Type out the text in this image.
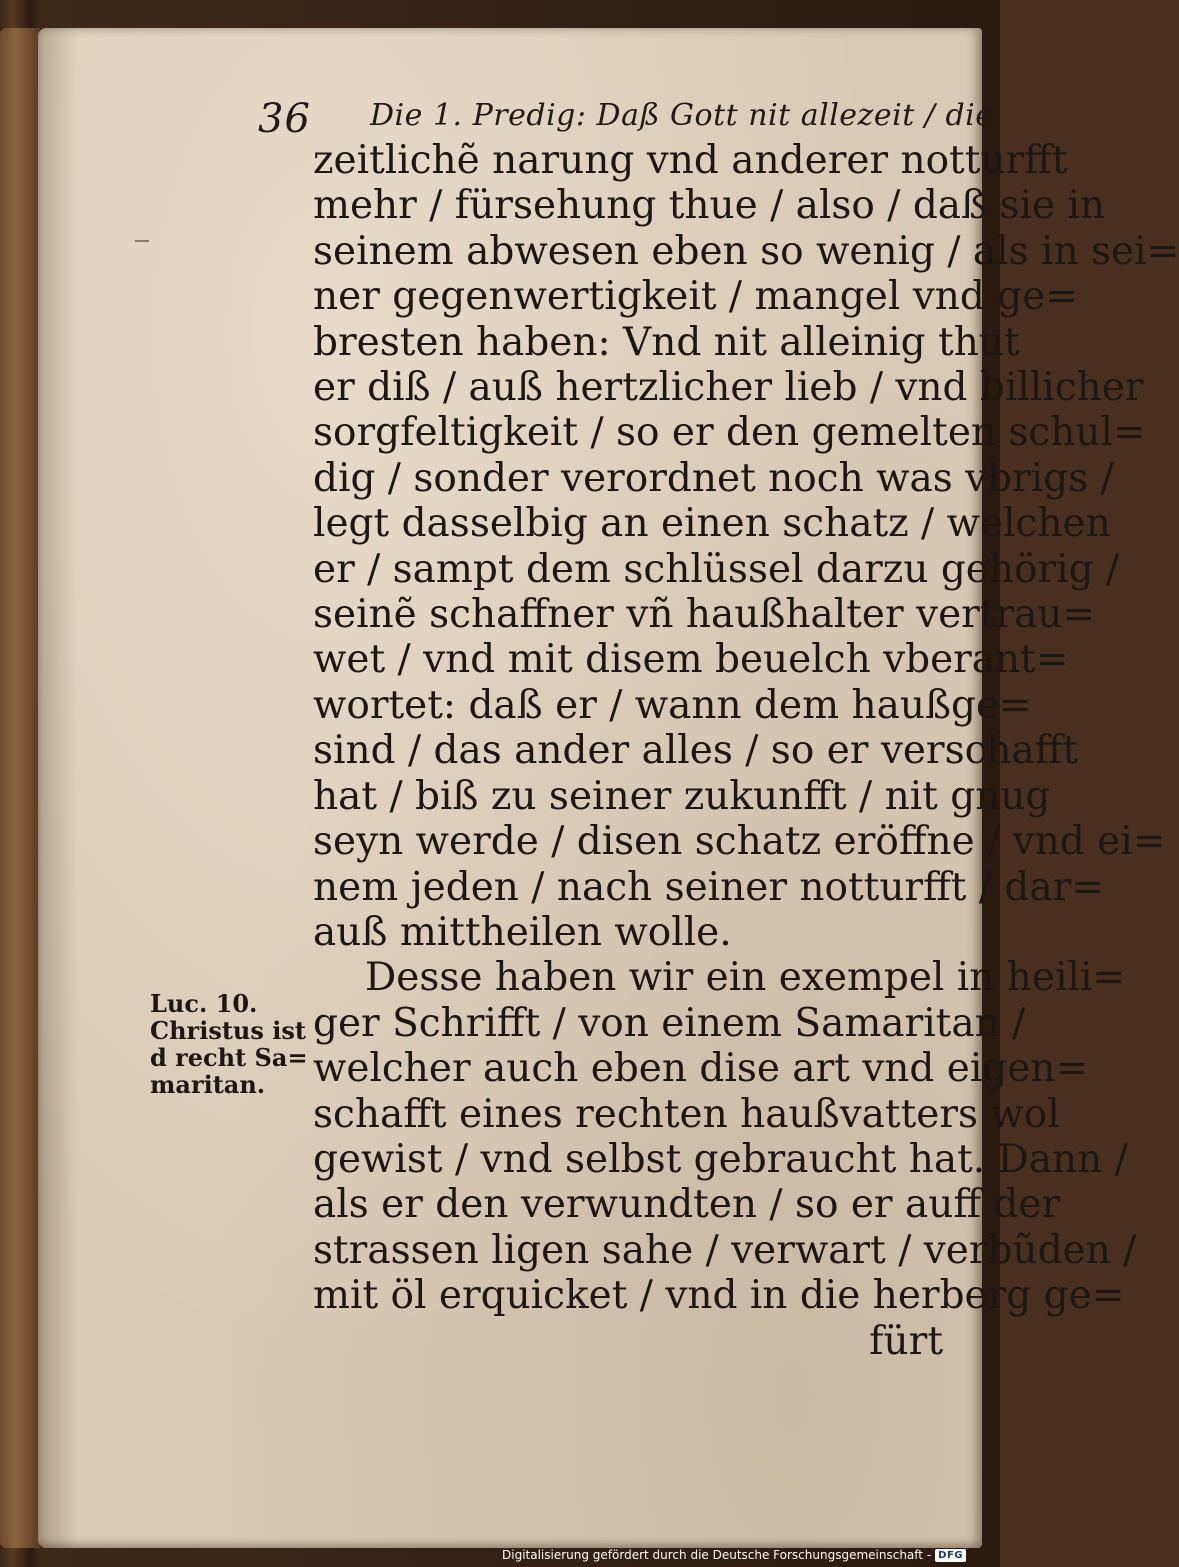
36 Die 1. Predig: Daß Gott nit allezeit / die
zeitlichẽ narung vnd anderer notturfft
mehr / fürsehung thue / also / daß sie in
seinem abwesen eben so wenig / als in sei=
ner gegenwertigkeit / mangel vnd ge=
bresten haben: Vnd nit alleinig thut
er diß / auß hertzlicher lieb / vnd billicher
sorgfeltigkeit / so er den gemelten schul=
dig / sonder verordnet noch was vbrigs /
legt dasselbig an einen schatz / welchen
er / sampt dem schlüssel darzu gehörig /
seinẽ schaffner vñ haußhalter vertrau=
wet / vnd mit disem beuelch vberant=
wortet: daß er / wann dem haußge=
sind / das ander alles / so er verschafft
hat / biß zu seiner zukunfft / nit gnug
seyn werde / disen schatz eröffne / vnd ei=
nem jeden / nach seiner notturfft / dar=
auß mittheilen wolle.
Desse haben wir ein exempel in heili=
ger Schrifft / von einem Samaritan /
welcher auch eben dise art vnd eigen=
schafft eines rechten haußvatters wol
gewist / vnd selbst gebraucht hat. Dann /
als er den verwundten / so er auff der
strassen ligen sahe / verwart / verbũden /
mit öl erquicket / vnd in die herberg ge=
fürt
Luc. 10.
Christus ist
d recht Sa=
maritan.
Digitalisierung gefördert durch die Deutsche Forschungsgemeinschaft - DFG
